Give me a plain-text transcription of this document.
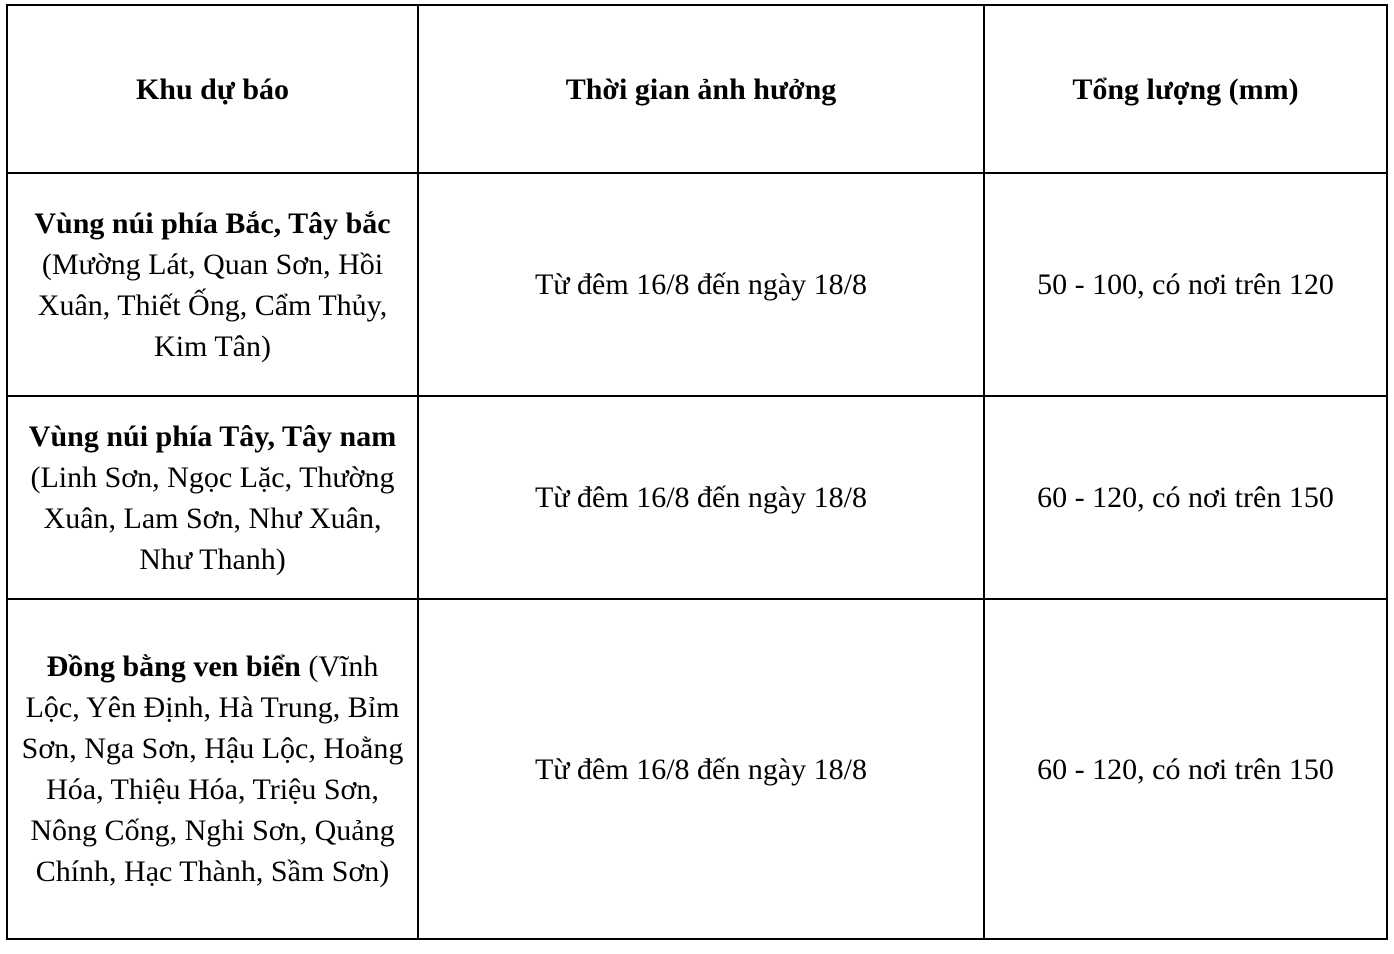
Khu dự báo	Thời gian ảnh hưởng	Tổng lượng (mm)
Vùng núi phía Bắc, Tây bắc (Mường Lát, Quan Sơn, Hồi Xuân, Thiết Ống, Cẩm Thủy, Kim Tân)	Từ đêm 16/8 đến ngày 18/8	50 - 100, có nơi trên 120
Vùng núi phía Tây, Tây nam (Linh Sơn, Ngọc Lặc, Thường Xuân, Lam Sơn, Như Xuân, Như Thanh)	Từ đêm 16/8 đến ngày 18/8	60 - 120, có nơi trên 150
Đồng bằng ven biển (Vĩnh Lộc, Yên Định, Hà Trung, Bỉm Sơn, Nga Sơn, Hậu Lộc, Hoằng Hóa, Thiệu Hóa, Triệu Sơn, Nông Cống, Nghi Sơn, Quảng Chính, Hạc Thành, Sầm Sơn)	Từ đêm 16/8 đến ngày 18/8	60 - 120, có nơi trên 150
